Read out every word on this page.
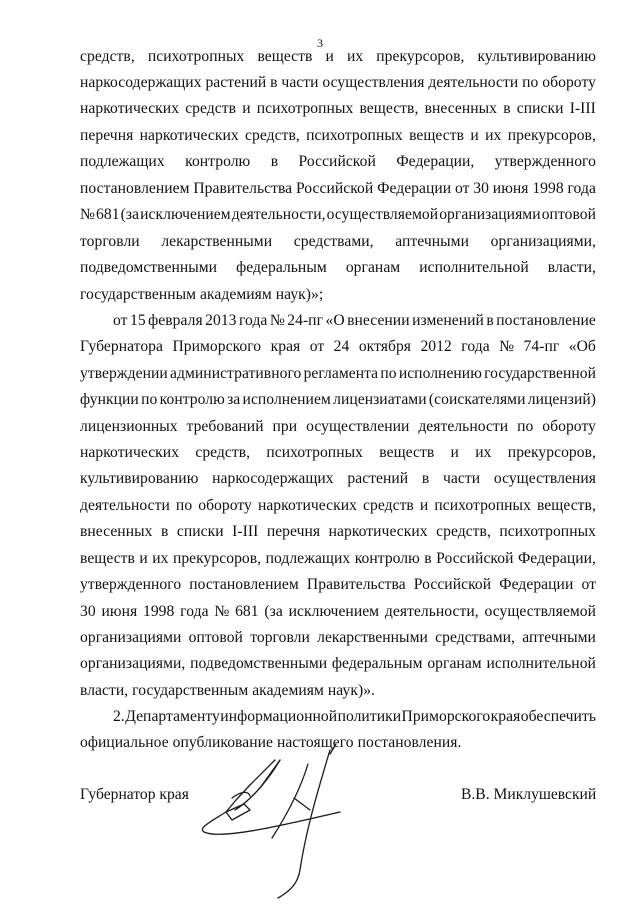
3
средств, психотропных веществ и их прекурсоров, культивированию
наркосодержащих растений в части осуществления деятельности по обороту
наркотических средств и психотропных веществ, внесенных в списки I-III
перечня наркотических средств, психотропных веществ и их прекурсоров,
подлежащих контролю в Российской Федерации, утвержденного
постановлением Правительства Российской Федерации от 30 июня 1998 года
№ 681 (за исключением деятельности, осуществляемой организациями оптовой
торговли лекарственными средствами, аптечными организациями,
подведомственными федеральным органам исполнительной власти,
государственным
академиям
наук)»;
от 15 февраля 2013 года № 24-пг «О внесении изменений в постановление
Губернатора Приморского края от 24 октября 2012 года № 74-пг «Об
утверждении административного регламента по исполнению государственной
функции по контролю за исполнением лицензиатами (соискателями лицензий)
лицензионных требований при осуществлении деятельности по обороту
наркотических средств, психотропных веществ и их прекурсоров,
культивированию наркосодержащих растений в части осуществления
деятельности по обороту наркотических средств и психотропных веществ,
внесенных в списки I-III перечня наркотических средств, психотропных
веществ и их прекурсоров, подлежащих контролю в Российской Федерации,
утвержденного постановлением Правительства Российской Федерации от
30 июня 1998 года № 681 (за исключением деятельности, осуществляемой
организациями оптовой торговли лекарственными средствами, аптечными
организациями, подведомственными федеральным органам исполнительной
власти,
государственным
академиям
наук)».
2. Департаменту информационной политики Приморского края обеспечить
официальное
опубликование
настоящего
постановления.
Губернатор края	В.В. Миклушевский
